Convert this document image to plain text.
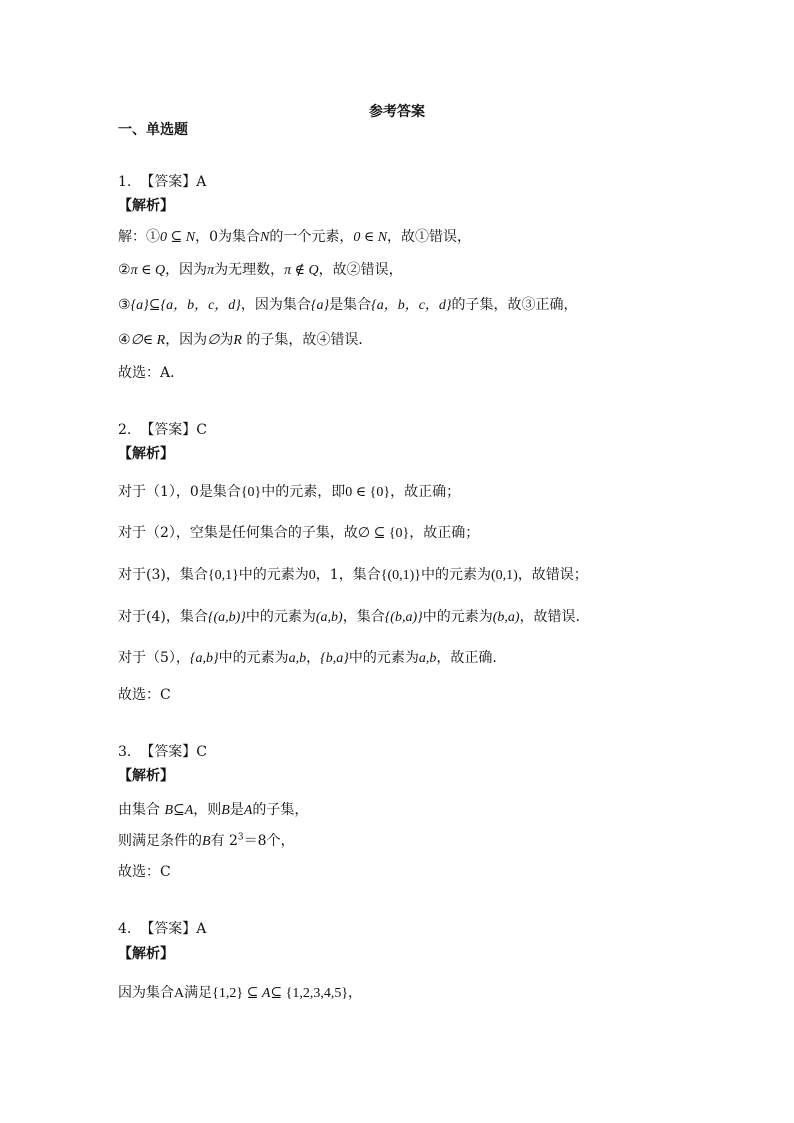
参考答案
一、单选题
1. 【答案】A
【解析】
解：①0 ⊆ N，0为集合N的一个元素，0 ∈ N，故①错误，
②π ∈ Q，因为π为无理数，π ∉ Q，故②错误，
③{a}⊆{a，b，c，d}，因为集合{a}是集合{a，b，c，d}的子集，故③正确，
④∅∈ R，因为∅为R 的子集，故④错误．
故选：A．
2. 【答案】C
【解析】
对于（1），0是集合{0}中的元素，即0 ∈ {0}，故正确；
对于（2），空集是任何集合的子集，故∅ ⊆ {0}，故正确；
对于(3)，集合{0,1}中的元素为0，1，集合{(0,1)}中的元素为(0,1)，故错误；
对于(4)，集合{(a,b)}中的元素为(a,b)，集合{(b,a)}中的元素为(b,a)，故错误.
对于（5），{a,b}中的元素为a,b，{b,a}中的元素为a,b，故正确.
故选：C
3. 【答案】C
【解析】
由集合 B⊆A，则B是A的子集，
则满足条件的B有 $2^3=8$个，
故选：C
4. 【答案】A
【解析】
因为集合A满足{1,2} ⊆ A⊆ {1,2,3,4,5}，
